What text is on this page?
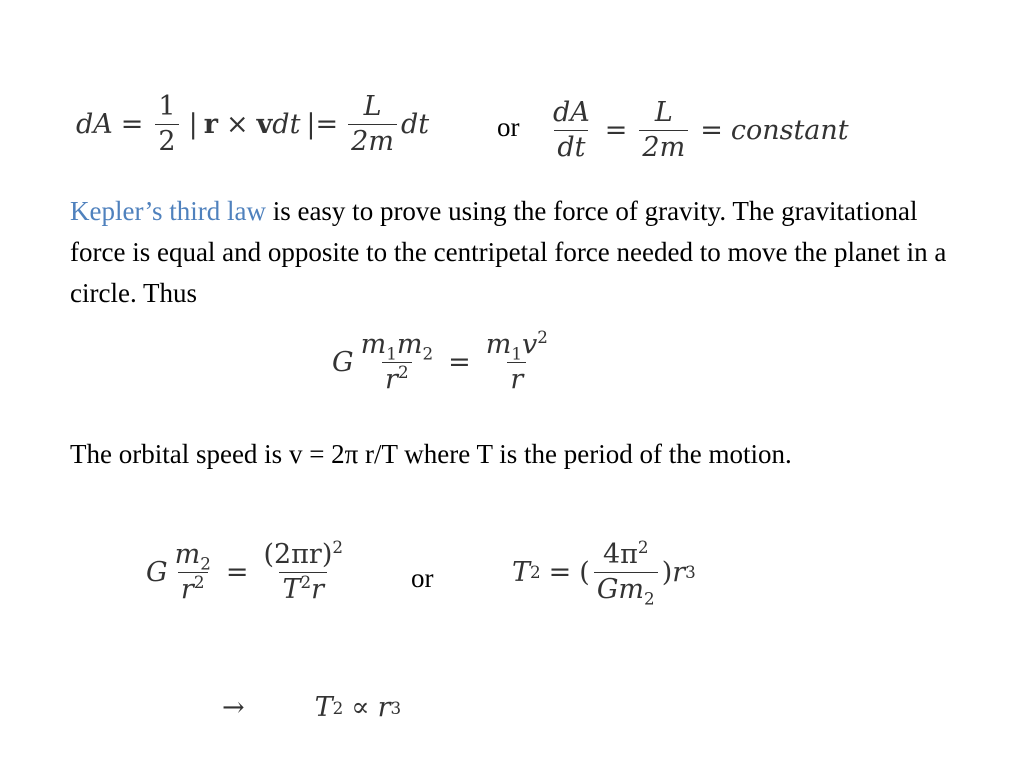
dA = $\frac{1}{2}$ | r × v dt |= $\frac{L}{2m}$ dt	or $\frac{dA}{dt} = \frac{L}{2m}$ = constant
Kepler’s third law is easy to prove using the force of gravity. The gravitational force is equal and opposite to the centripetal force needed to move the planet in a circle. Thus
G $\frac{m_1m_2}{r^2} = \frac{m_1v^2}{r}$
The orbital speed is v = 2π r/T where T is the period of the motion.
G $\frac{m_2}{r^2} = \frac{(2\pi r)^2}{T^2r}$ or	T 2 = ( $\frac{4\pi^2}{Gm_2}$ ) r 3
→	T 2 ∝ r 3
